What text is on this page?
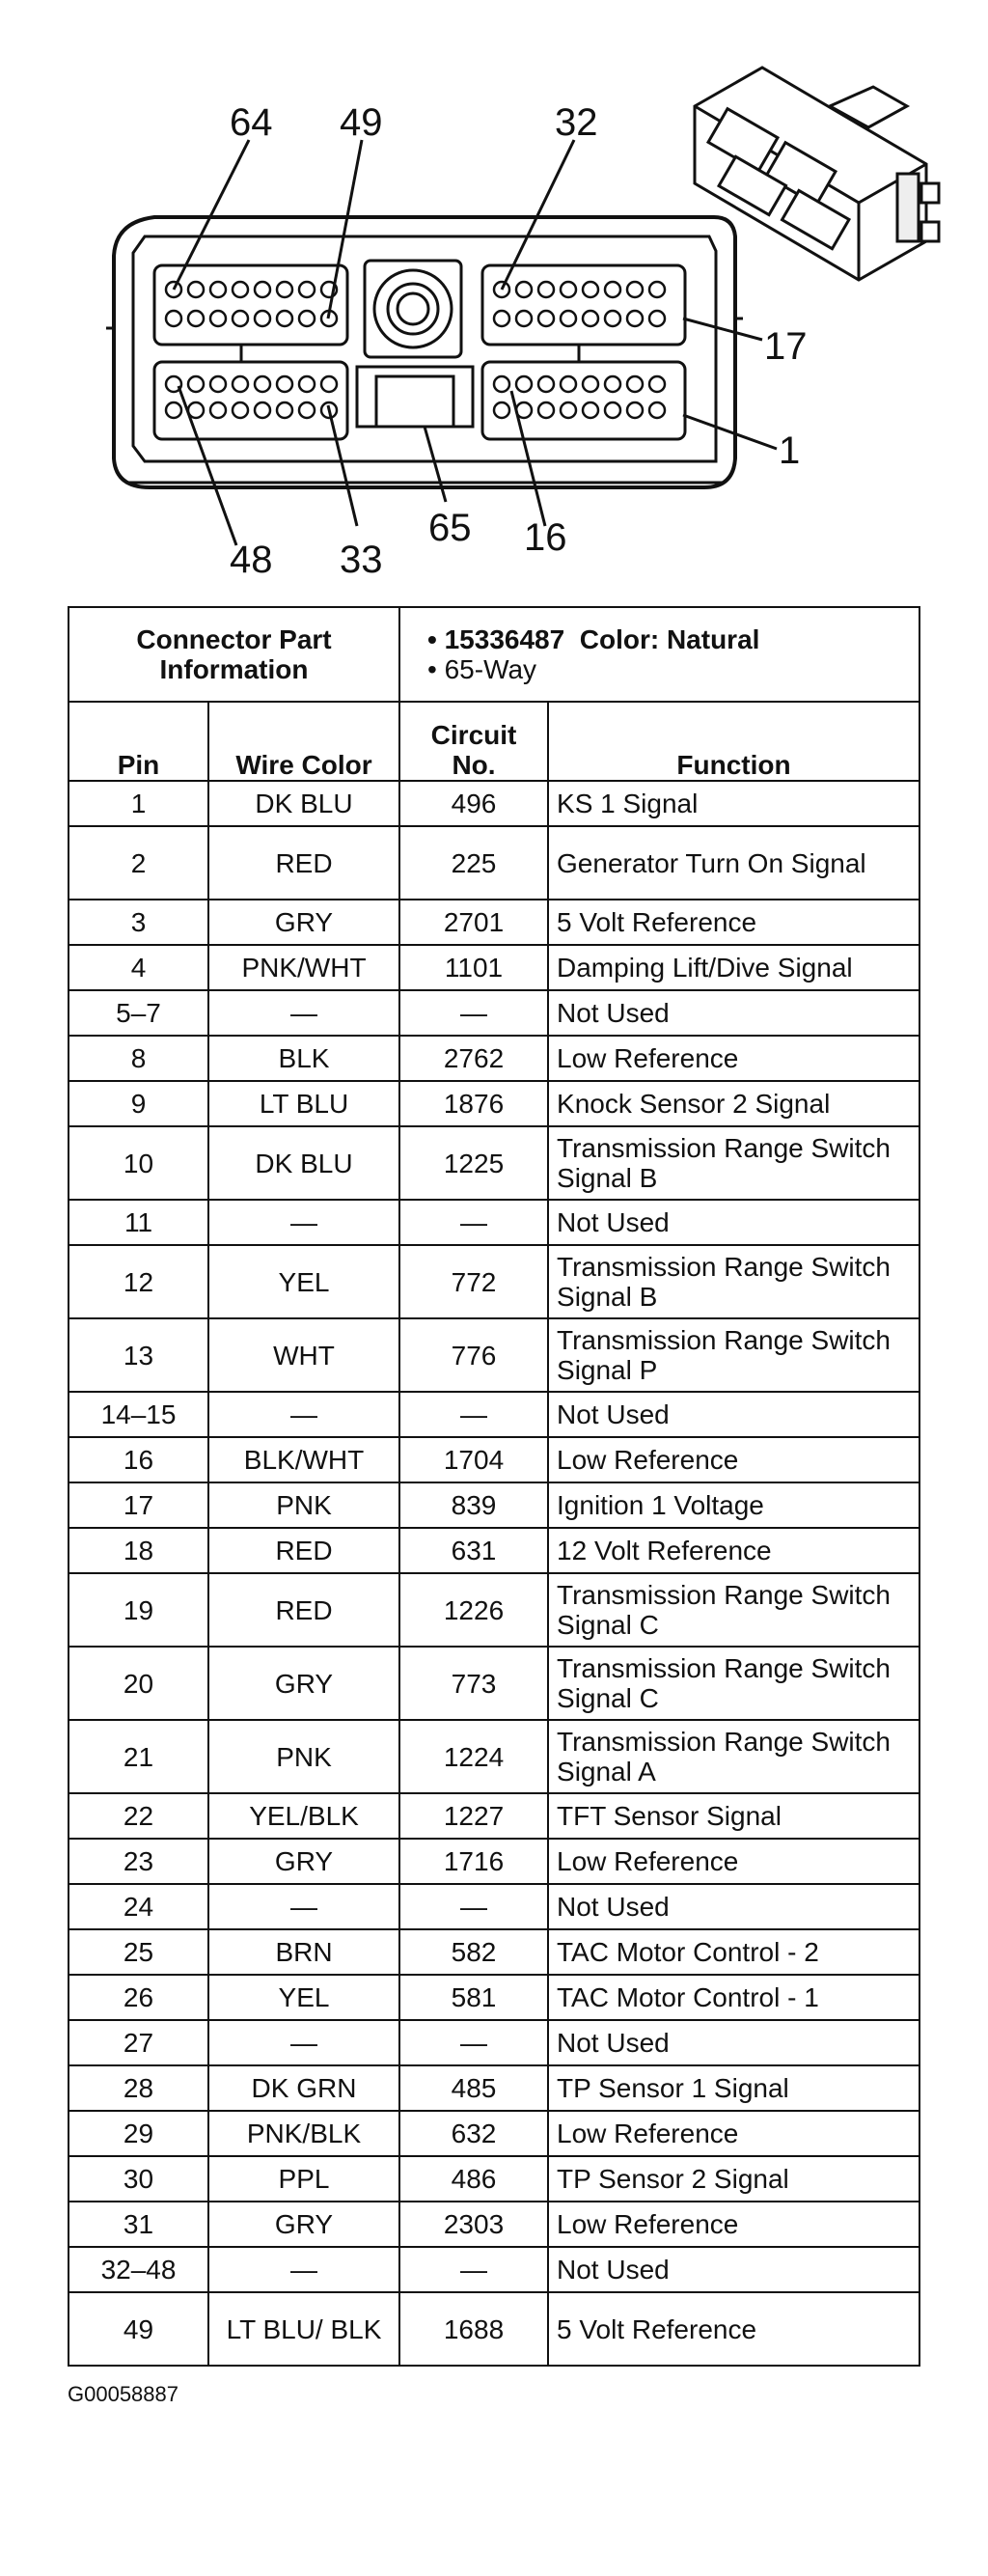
64 49	32
17
1
48 33
65 16
Connector Part Information		• 15336487 Color: Natural
• 65-Way	

Pin	Wire Color	Circuit No.	Function
1	DK BLU	496	KS 1 Signal
2	RED	225	Generator Turn On Signal
3	GRY	2701	5 Volt Reference
4	PNK/WHT	1101	Damping Lift/Dive Signal
5–7	—	—	Not Used
8	BLK	2762	Low Reference
9	LT BLU	1876	Knock Sensor 2 Signal
10	DK BLU	1225	Transmission Range Switch Signal B
11	—	—	Not Used
12	YEL	772	Transmission Range Switch Signal B
13	WHT	776	Transmission Range Switch Signal P
14–15	—	—	Not Used
16	BLK/WHT	1704	Low Reference
17	PNK	839	Ignition 1 Voltage
18	RED	631	12 Volt Reference
19	RED	1226	Transmission Range Switch Signal C
20	GRY	773	Transmission Range Switch Signal C
21	PNK	1224	Transmission Range Switch Signal A
22	YEL/BLK	1227	TFT Sensor Signal
23	GRY	1716	Low Reference
24	—	—	Not Used
25	BRN	582	TAC Motor Control - 2
26	YEL	581	TAC Motor Control - 1
27	—	—	Not Used
28	DK GRN	485	TP Sensor 1 Signal
29	PNK/BLK	632	Low Reference
30	PPL	486	TP Sensor 2 Signal
31	GRY	2303	Low Reference
32–48	—	—	Not Used
49	LT BLU/ BLK	1688	5 Volt Reference
G00058887
